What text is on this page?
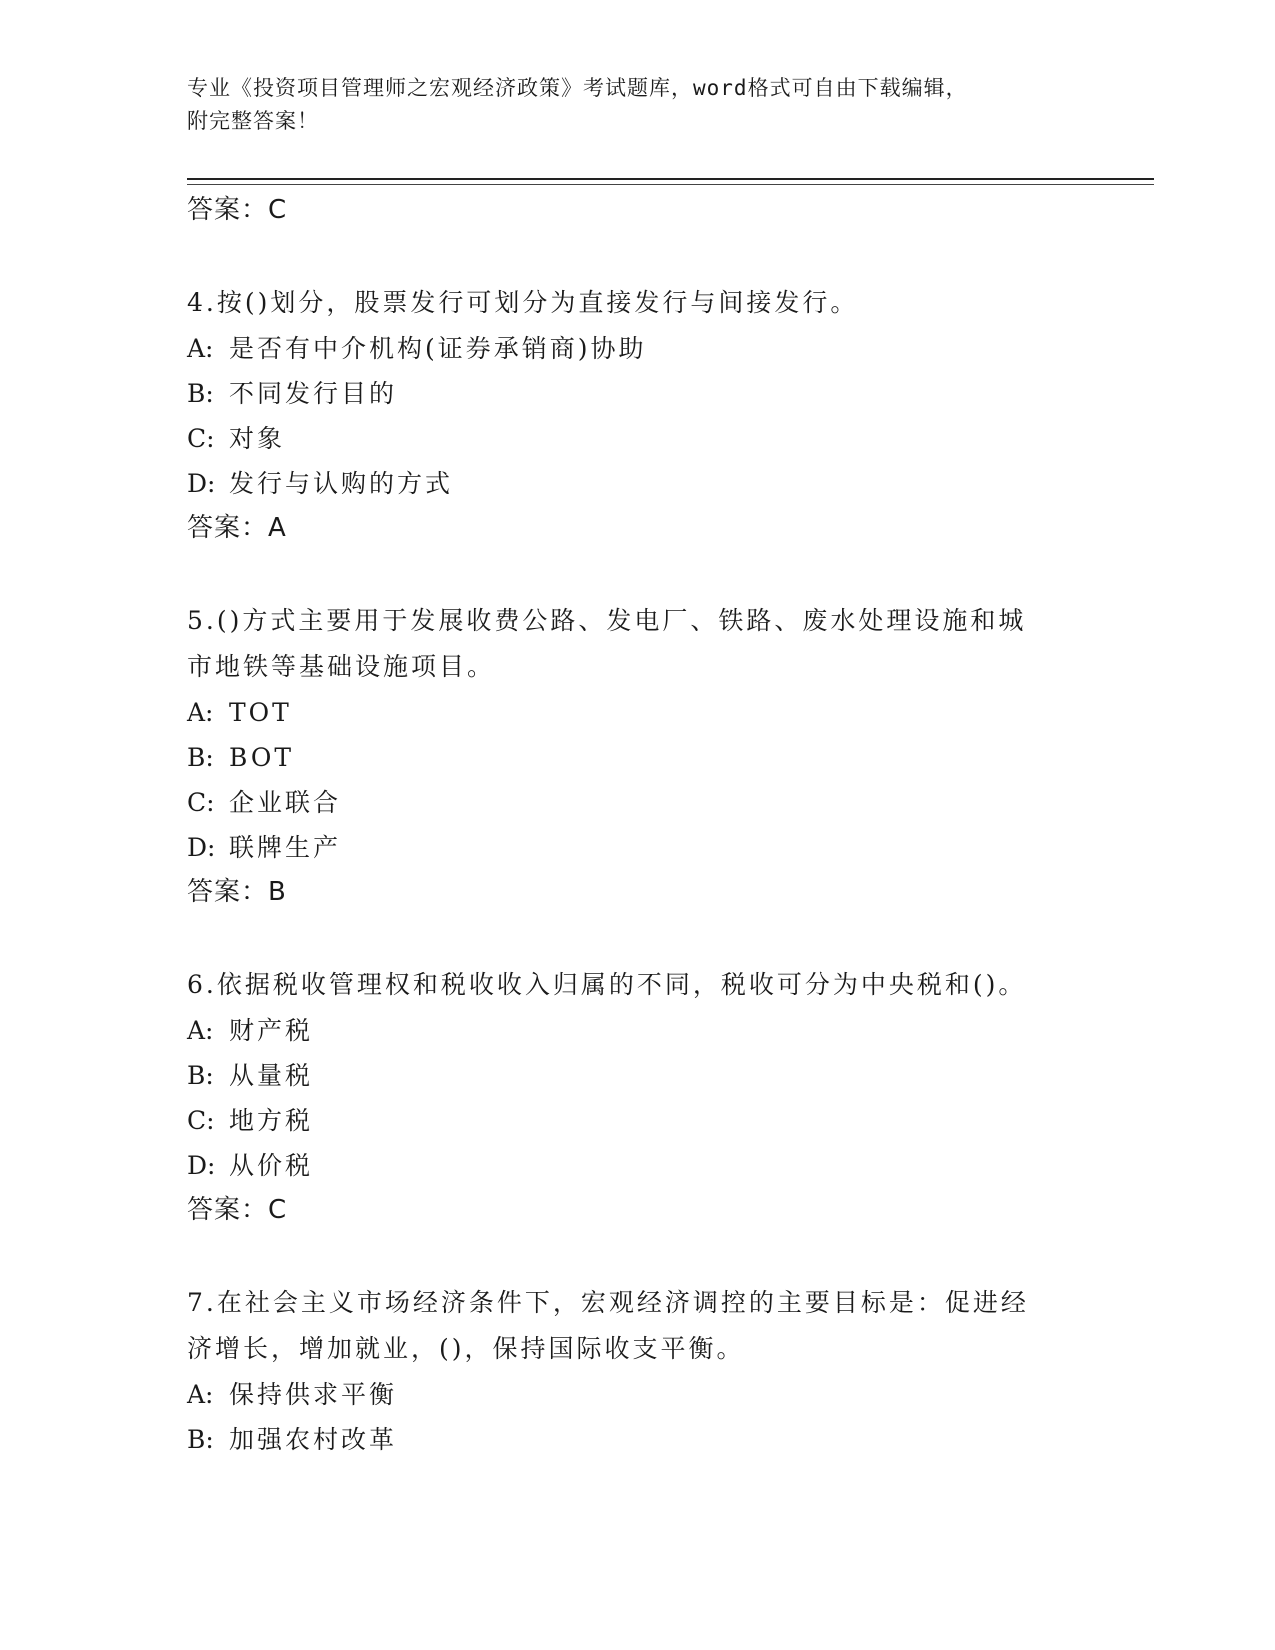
专业《投资项目管理师之宏观经济政策》考试题库，word格式可自由下载编辑，
附完整答案！
答案：C
4.按()划分，股票发行可划分为直接发行与间接发行。
A: 是否有中介机构(证券承销商)协助
B: 不同发行目的
C: 对象
D: 发行与认购的方式
答案：A
5.()方式主要用于发展收费公路、发电厂、铁路、废水处理设施和城
市地铁等基础设施项目。
A: TOT
B: BOT
C: 企业联合
D: 联牌生产
答案：B
6.依据税收管理权和税收收入归属的不同，税收可分为中央税和()。
A: 财产税
B: 从量税
C: 地方税
D: 从价税
答案：C
7.在社会主义市场经济条件下，宏观经济调控的主要目标是：促进经
济增长，增加就业，()，保持国际收支平衡。
A: 保持供求平衡
B: 加强农村改革
